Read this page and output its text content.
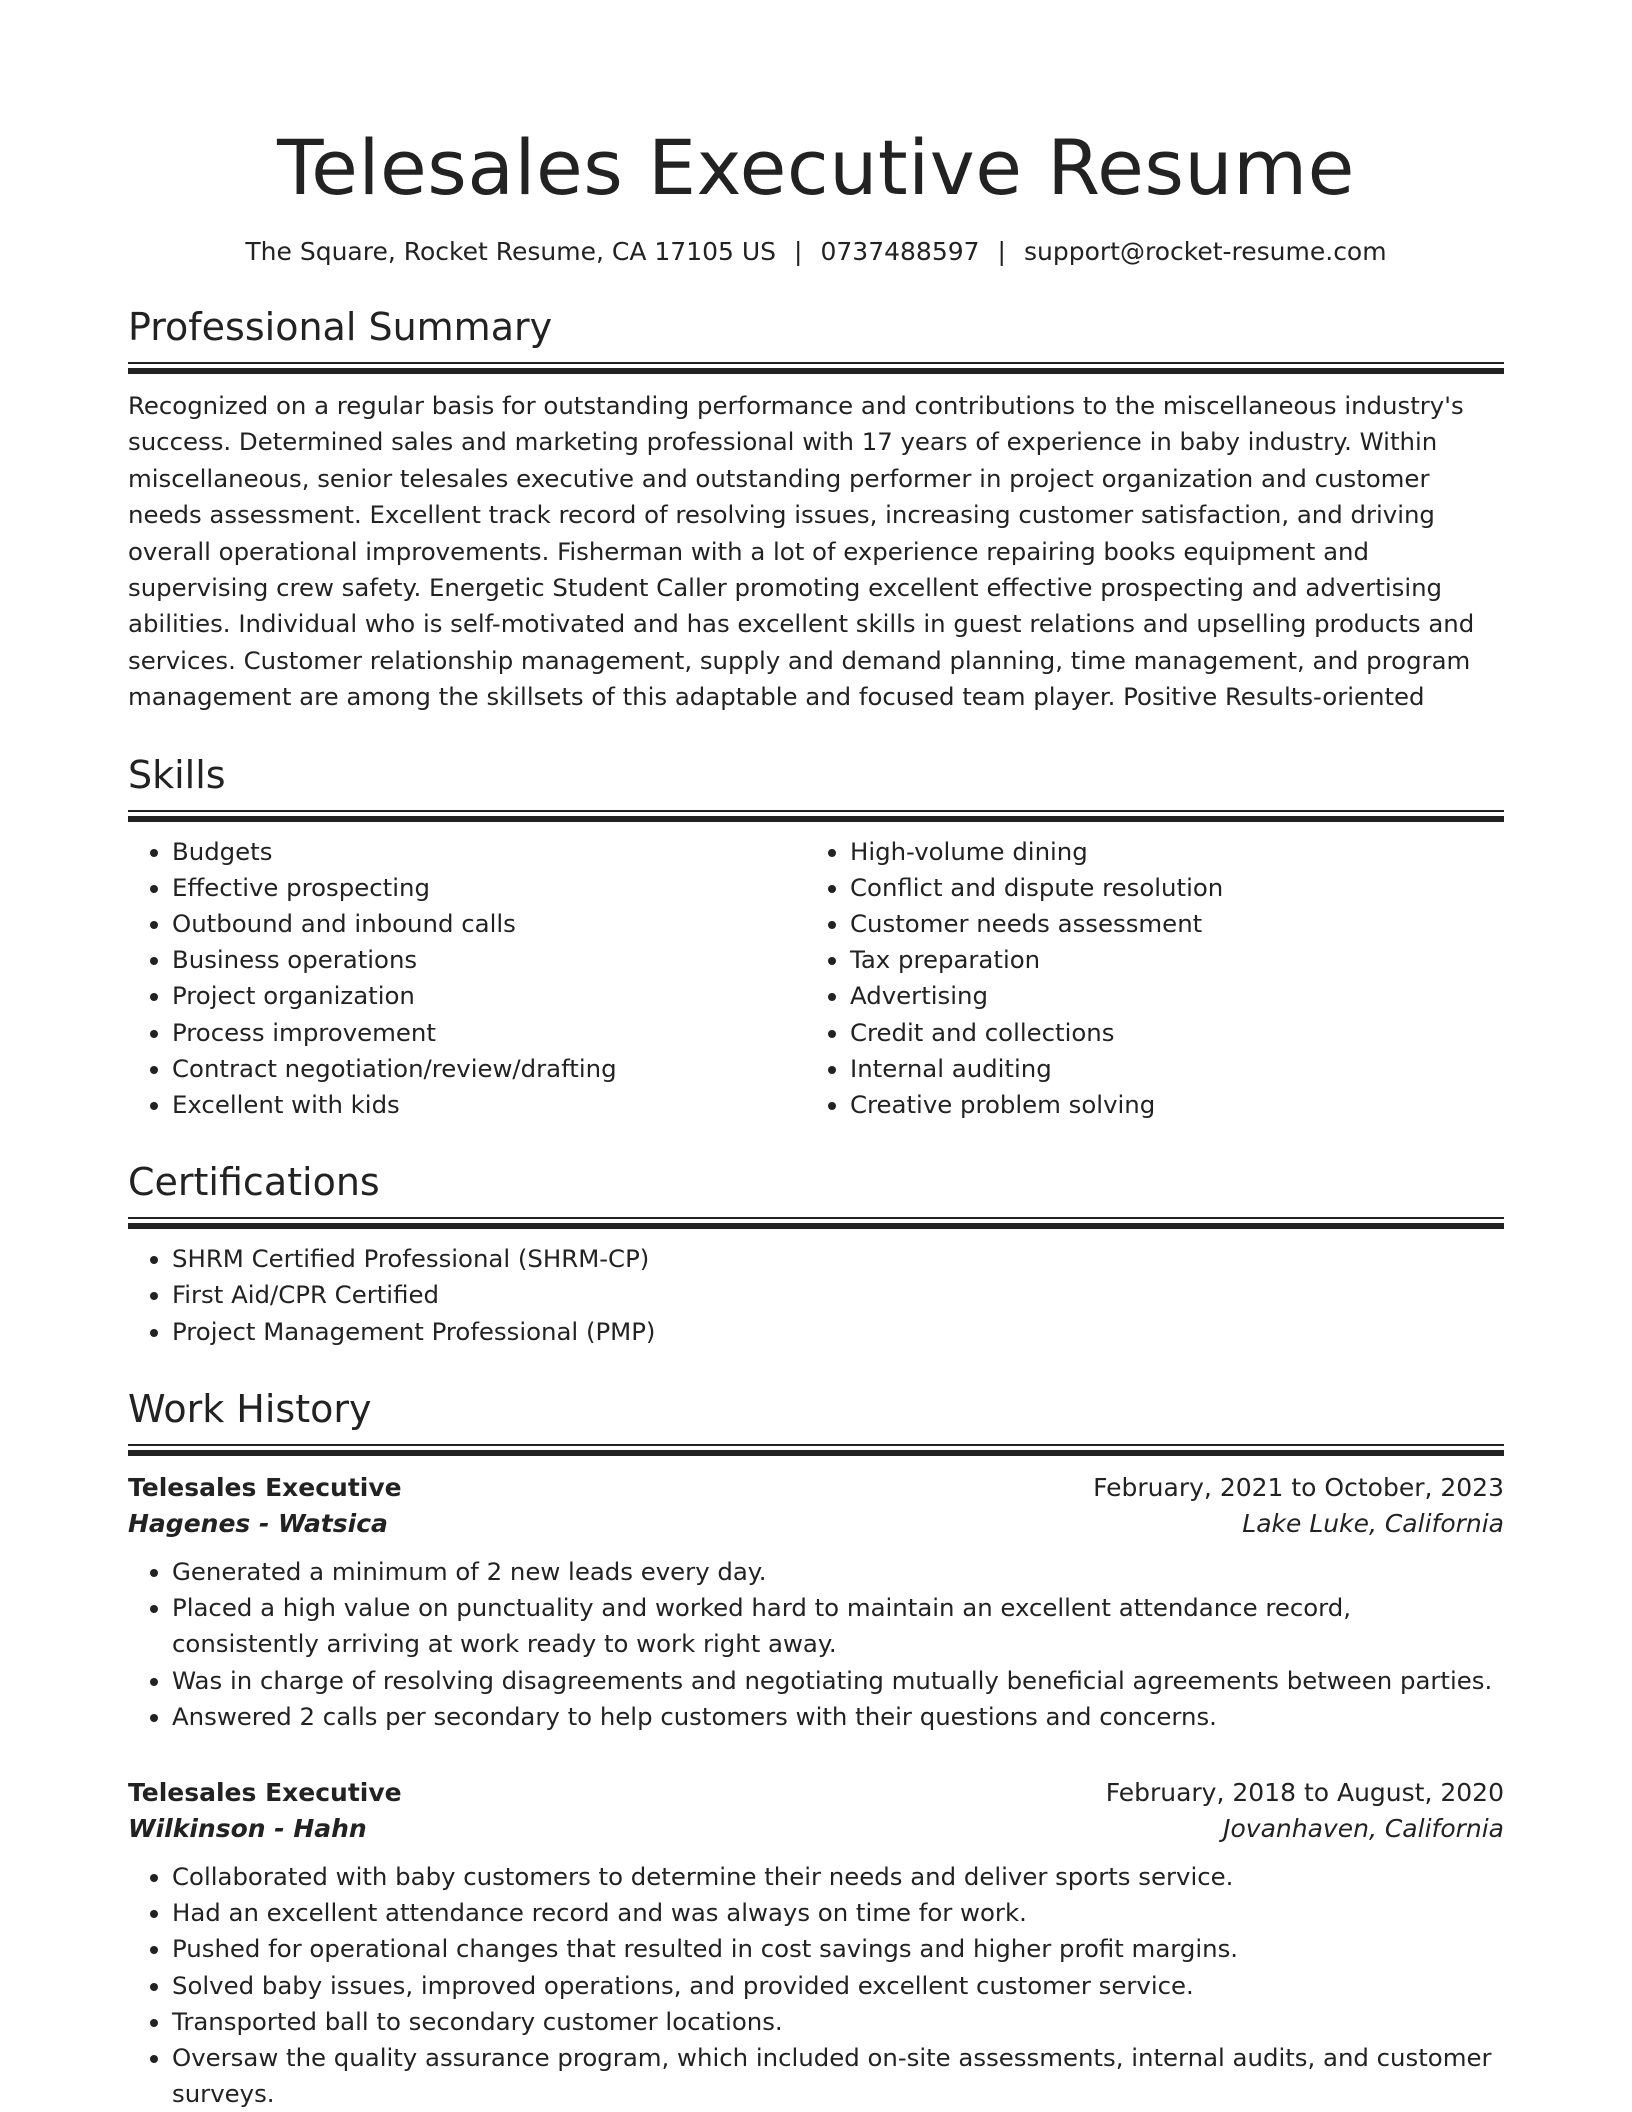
Telesales Executive Resume
The Square, Rocket Resume, CA 17105 US | 0737488597 | support@rocket-resume.com
Professional Summary

Recognized on a regular basis for outstanding performance and contributions to the miscellaneous industry's success. Determined sales and marketing professional with 17 years of experience in baby industry. Within miscellaneous, senior telesales executive and outstanding performer in project organization and customer needs assessment. Excellent track record of resolving issues, increasing customer satisfaction, and driving overall operational improvements. Fisherman with a lot of experience repairing books equipment and supervising crew safety. Energetic Student Caller promoting excellent effective prospecting and advertising abilities. Individual who is self-motivated and has excellent skills in guest relations and upselling products and services. Customer relationship management, supply and demand planning, time management, and program management are among the skillsets of this adaptable and focused team player. Positive Results-oriented

Skills
• Budgets
• Effective prospecting
• Outbound and inbound calls
• Business operations
• Project organization
• Process improvement
• Contract negotiation/review/drafting
• Excellent with kids
• High-volume dining
• Conflict and dispute resolution
• Customer needs assessment
• Tax preparation
• Advertising
• Credit and collections
• Internal auditing
• Creative problem solving
Certifications
• SHRM Certified Professional (SHRM-CP)
• First Aid/CPR Certified
• Project Management Professional (PMP)
Work History
Telesales Executive	February, 2021 to October, 2023
Hagenes - Watsica	Lake Luke, California
• Generated a minimum of 2 new leads every day.
• Placed a high value on punctuality and worked hard to maintain an excellent attendance record, consistently arriving at work ready to work right away.
• Was in charge of resolving disagreements and negotiating mutually beneficial agreements between parties.
• Answered 2 calls per secondary to help customers with their questions and concerns.
Telesales Executive	February, 2018 to August, 2020
Wilkinson - Hahn	Jovanhaven, California
• Collaborated with baby customers to determine their needs and deliver sports service.
• Had an excellent attendance record and was always on time for work.
• Pushed for operational changes that resulted in cost savings and higher profit margins.
• Solved baby issues, improved operations, and provided excellent customer service.
• Transported ball to secondary customer locations.
• Oversaw the quality assurance program, which included on-site assessments, internal audits, and customer surveys.
